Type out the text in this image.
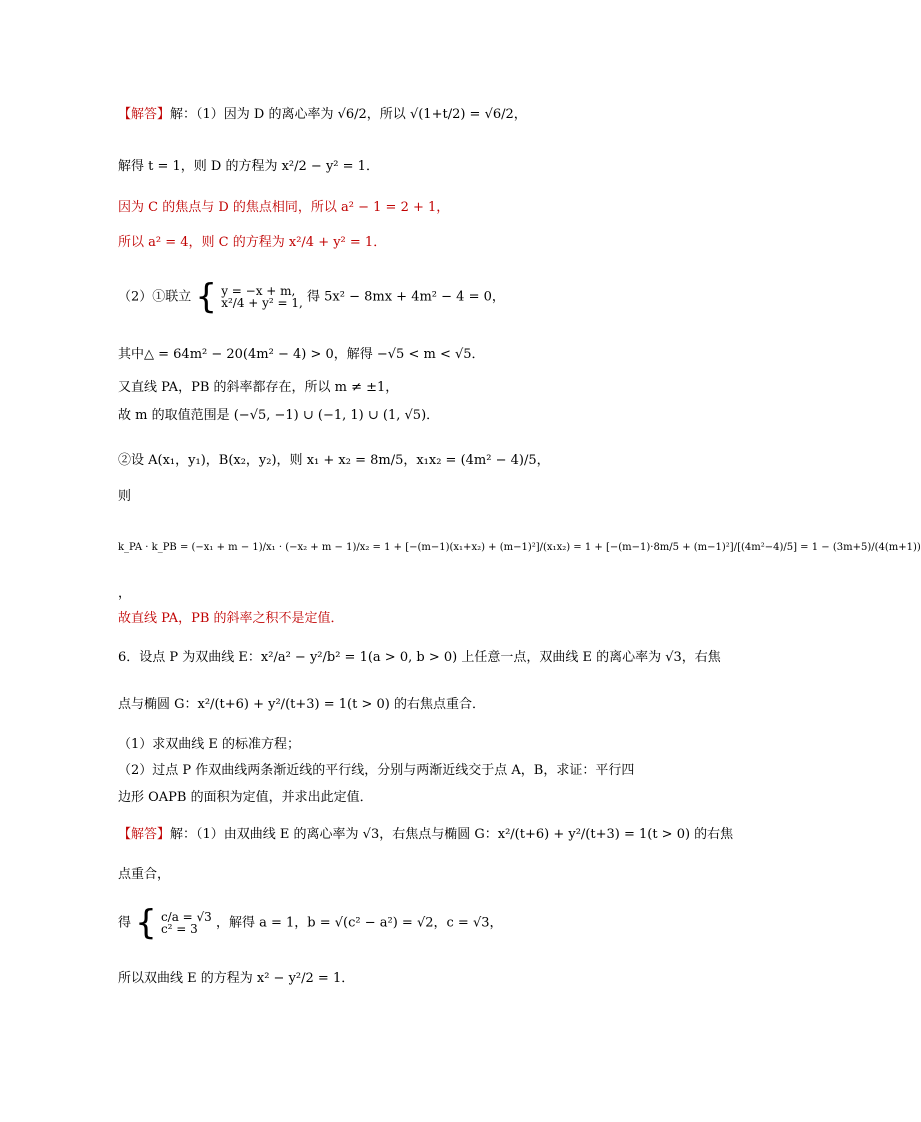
【解答】解：（1）因为 D 的离心率为 √6/2，所以 √(1+t/2) = √6/2，
解得 t = 1，则 D 的方程为 x²/2 − y² = 1．
因为 C 的焦点与 D 的焦点相同，所以 a² − 1 = 2 + 1，
所以 a² = 4，则 C 的方程为 x²/4 + y² = 1．
（2）①联立 { y = −x + m,
x²/4 + y² = 1, 得 5x² − 8mx + 4m² − 4 = 0，
其中△ = 64m² − 20(4m² − 4) > 0，解得 −√5 < m < √5．
又直线 PA，PB 的斜率都存在，所以 m ≠ ±1，
故 m 的取值范围是 (−√5, −1) ∪ (−1, 1) ∪ (1, √5)．
②设 A(x₁，y₁)，B(x₂，y₂)，则 x₁ + x₂ = 8m/5，x₁x₂ = (4m² − 4)/5，
则
k_PA · k_PB = (−x₁ + m − 1)/x₁ · (−x₂ + m − 1)/x₂ = 1 + [−(m−1)(x₁+x₂) + (m−1)²]/(x₁x₂) = 1 + [−(m−1)·8m/5 + (m−1)²]/[(4m²−4)/5] = 1 − (3m+5)/(4(m+1))
，
故直线 PA，PB 的斜率之积不是定值．
6．设点 P 为双曲线 E：x²/a² − y²/b² = 1(a > 0, b > 0) 上任意一点，双曲线 E 的离心率为 √3，右焦
点与椭圆 G：x²/(t+6) + y²/(t+3) = 1(t > 0) 的右焦点重合．
（1）求双曲线 E 的标准方程；
（2）过点 P 作双曲线两条渐近线的平行线，分别与两渐近线交于点 A，B，求证：平行四
边形 OAPB 的面积为定值，并求出此定值．
【解答】解：（1）由双曲线 E 的离心率为 √3，右焦点与椭圆 G：x²/(t+6) + y²/(t+3) = 1(t > 0) 的右焦
点重合，
得 { c/a = √3
c² = 3	，解得 a = 1，b = √(c² − a²) = √2，c = √3，
所以双曲线 E 的方程为 x² − y²/2 = 1．
